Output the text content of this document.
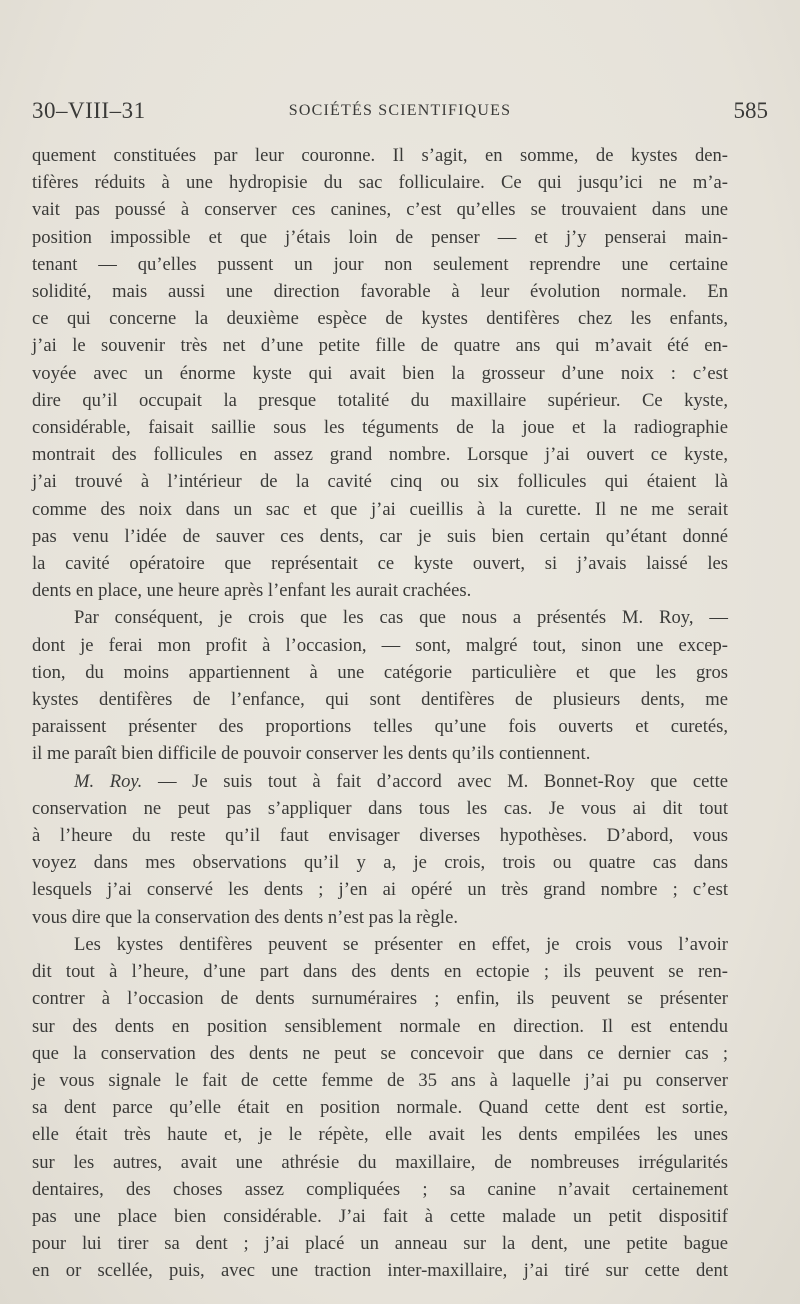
30–VIII–31	SOCIÉTÉS SCIENTIFIQUES	585

quement constituées par leur couronne. Il s’agit, en somme, de kystes den-

tifères réduits à une hydropisie du sac folliculaire. Ce qui jusqu’ici ne m’a-

vait pas poussé à conserver ces canines, c’est qu’elles se trouvaient dans une

position impossible et que j’étais loin de penser — et j’y penserai main-

tenant — qu’elles pussent un jour non seulement reprendre une certaine

solidité, mais aussi une direction favorable à leur évolution normale. En

ce qui concerne la deuxième espèce de kystes dentifères chez les enfants,

j’ai le souvenir très net d’une petite fille de quatre ans qui m’avait été en-

voyée avec un énorme kyste qui avait bien la grosseur d’une noix : c’est

dire qu’il occupait la presque totalité du maxillaire supérieur. Ce kyste,

considérable, faisait saillie sous les téguments de la joue et la radiographie

montrait des follicules en assez grand nombre. Lorsque j’ai ouvert ce kyste,

j’ai trouvé à l’intérieur de la cavité cinq ou six follicules qui étaient là

comme des noix dans un sac et que j’ai cueillis à la curette. Il ne me serait

pas venu l’idée de sauver ces dents, car je suis bien certain qu’étant donné

la cavité opératoire que représentait ce kyste ouvert, si j’avais laissé les

dents en place, une heure après l’enfant les aurait crachées.

Par conséquent, je crois que les cas que nous a présentés M. Roy, —

dont je ferai mon profit à l’occasion, — sont, malgré tout, sinon une excep-

tion, du moins appartiennent à une catégorie particulière et que les gros

kystes dentifères de l’enfance, qui sont dentifères de plusieurs dents, me

paraissent présenter des proportions telles qu’une fois ouverts et curetés,

il me paraît bien difficile de pouvoir conserver les dents qu’ils contiennent.

M. Roy. — Je suis tout à fait d’accord avec M. Bonnet-Roy que cette

conservation ne peut pas s’appliquer dans tous les cas. Je vous ai dit tout

à l’heure du reste qu’il faut envisager diverses hypothèses. D’abord, vous

voyez dans mes observations qu’il y a, je crois, trois ou quatre cas dans

lesquels j’ai conservé les dents ; j’en ai opéré un très grand nombre ; c’est

vous dire que la conservation des dents n’est pas la règle.

Les kystes dentifères peuvent se présenter en effet, je crois vous l’avoir

dit tout à l’heure, d’une part dans des dents en ectopie ; ils peuvent se ren-

contrer à l’occasion de dents surnuméraires ; enfin, ils peuvent se présenter

sur des dents en position sensiblement normale en direction. Il est entendu

que la conservation des dents ne peut se concevoir que dans ce dernier cas ;

je vous signale le fait de cette femme de 35 ans à laquelle j’ai pu conserver

sa dent parce qu’elle était en position normale. Quand cette dent est sortie,

elle était très haute et, je le répète, elle avait les dents empilées les unes

sur les autres, avait une athrésie du maxillaire, de nombreuses irrégularités

dentaires, des choses assez compliquées ; sa canine n’avait certainement

pas une place bien considérable. J’ai fait à cette malade un petit dispositif

pour lui tirer sa dent ; j’ai placé un anneau sur la dent, une petite bague

en or scellée, puis, avec une traction inter-maxillaire, j’ai tiré sur cette dent
